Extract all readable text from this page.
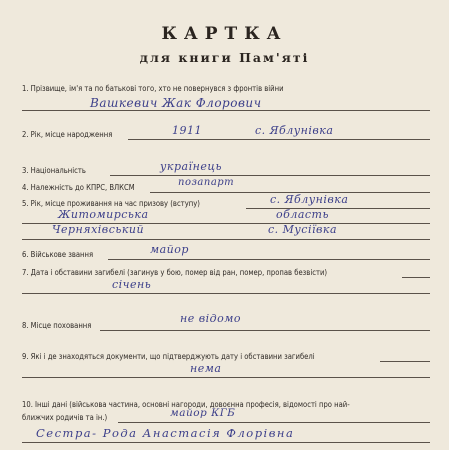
КАРТКА
для книги Пам'яті
1. Прізвище, ім'я та по батькові того, хто не повернувся з фронтів війни
Вашкевич Жак Флорович
2. Рік, місце народження	1911	с. Яблунівка
3. Національність	українець
4. Належність до КПРС, ВЛКСМ	позапарт
5. Рік, місце проживання на час призову (вступу)	с. Яблунівка
Житомирська	область
Черняхівський	с. Мусіївка
6. Військове звання	майор
7. Дата і обставини загибелі (загинув у бою, помер від ран, помер, пропав безвісти)
січень
8. Місце поховання
не відомо
9. Які і де знаходяться документи, що підтверджують дату і обставини загибелі
нема
10. Інші дані (військова частина, основні нагороди, довоєнна професія, відомості про най-
ближчих родичів та ін.)	майор КГБ
Сестра- Рода Анастасія Флорівна
